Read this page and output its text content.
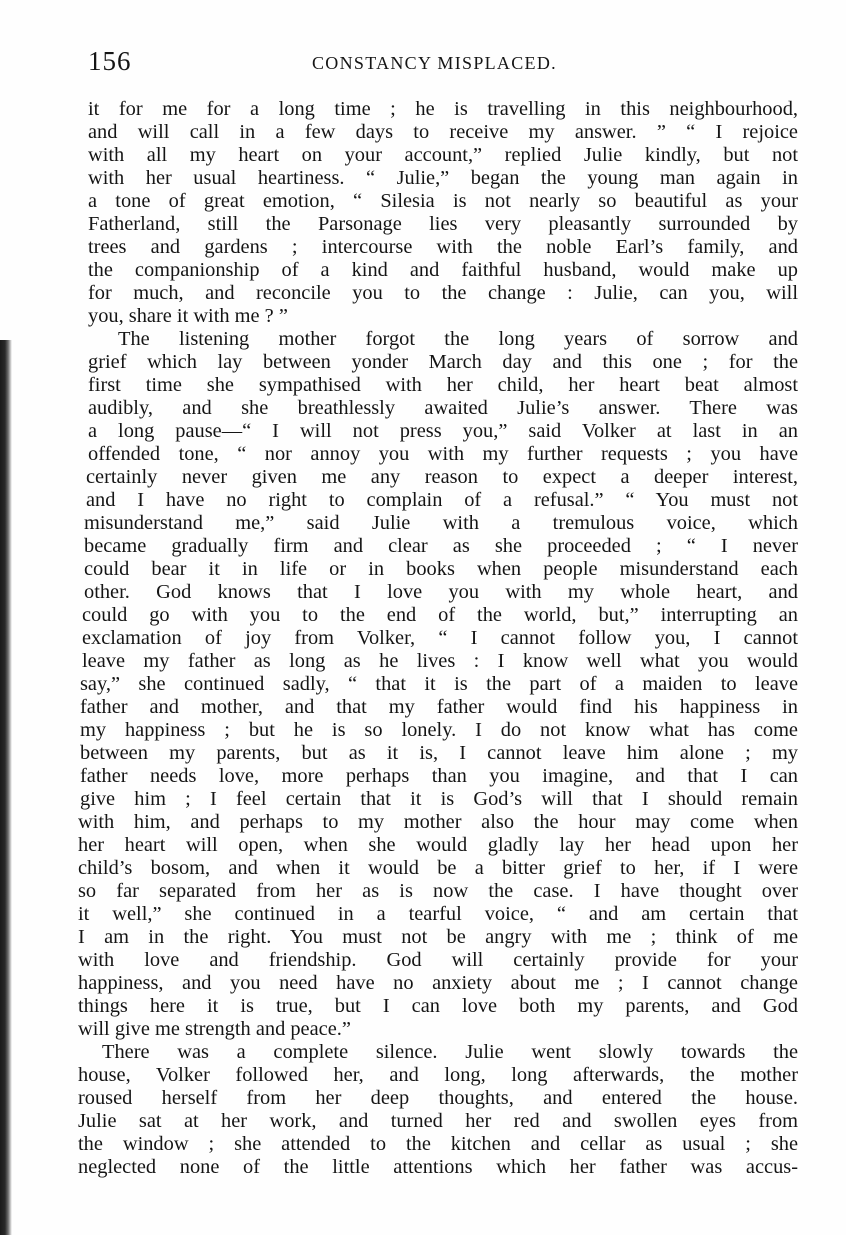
156	CONSTANCY MISPLACED.
it for me for a long time ; he is travelling in this neighbourhood,
and will call in a few days to receive my answer. ” “ I rejoice
with all my heart on your account,” replied Julie kindly, but not
with her usual heartiness. “ Julie,” began the young man again in
a tone of great emotion, “ Silesia is not nearly so beautiful as your
Fatherland, still the Parsonage lies very pleasantly surrounded by
trees and gardens ; intercourse with the noble Earl’s family, and
the companionship of a kind and faithful husband, would make up
for much, and reconcile you to the change : Julie, can you, will
you, share it with me ? ”
The listening mother forgot the long years of sorrow and
grief which lay between yonder March day and this one ; for the
first time she sympathised with her child, her heart beat almost
audibly, and she breathlessly awaited Julie’s answer. There was
a long pause—“ I will not press you,” said Volker at last in an
offended tone, “ nor annoy you with my further requests ; you have
certainly never given me any reason to expect a deeper interest,
and I have no right to complain of a refusal.” “ You must not
misunderstand me,” said Julie with a tremulous voice, which
became gradually firm and clear as she proceeded ; “ I never
could bear it in life or in books when people misunderstand each
other. God knows that I love you with my whole heart, and
could go with you to the end of the world, but,” interrupting an
exclamation of joy from Volker, “ I cannot follow you, I cannot
leave my father as long as he lives : I know well what you would
say,” she continued sadly, “ that it is the part of a maiden to leave
father and mother, and that my father would find his happiness in
my happiness ; but he is so lonely. I do not know what has come
between my parents, but as it is, I cannot leave him alone ; my
father needs love, more perhaps than you imagine, and that I can
give him ; I feel certain that it is God’s will that I should remain
with him, and perhaps to my mother also the hour may come when
her heart will open, when she would gladly lay her head upon her
child’s bosom, and when it would be a bitter grief to her, if I were
so far separated from her as is now the case. I have thought over
it well,” she continued in a tearful voice, “ and am certain that
I am in the right. You must not be angry with me ; think of me
with love and friendship. God will certainly provide for your
happiness, and you need have no anxiety about me ; I cannot change
things here it is true, but I can love both my parents, and God
will give me strength and peace.”
There was a complete silence. Julie went slowly towards the
house, Volker followed her, and long, long afterwards, the mother
roused herself from her deep thoughts, and entered the house.
Julie sat at her work, and turned her red and swollen eyes from
the window ; she attended to the kitchen and cellar as usual ; she
neglected none of the little attentions which her father was accus-
